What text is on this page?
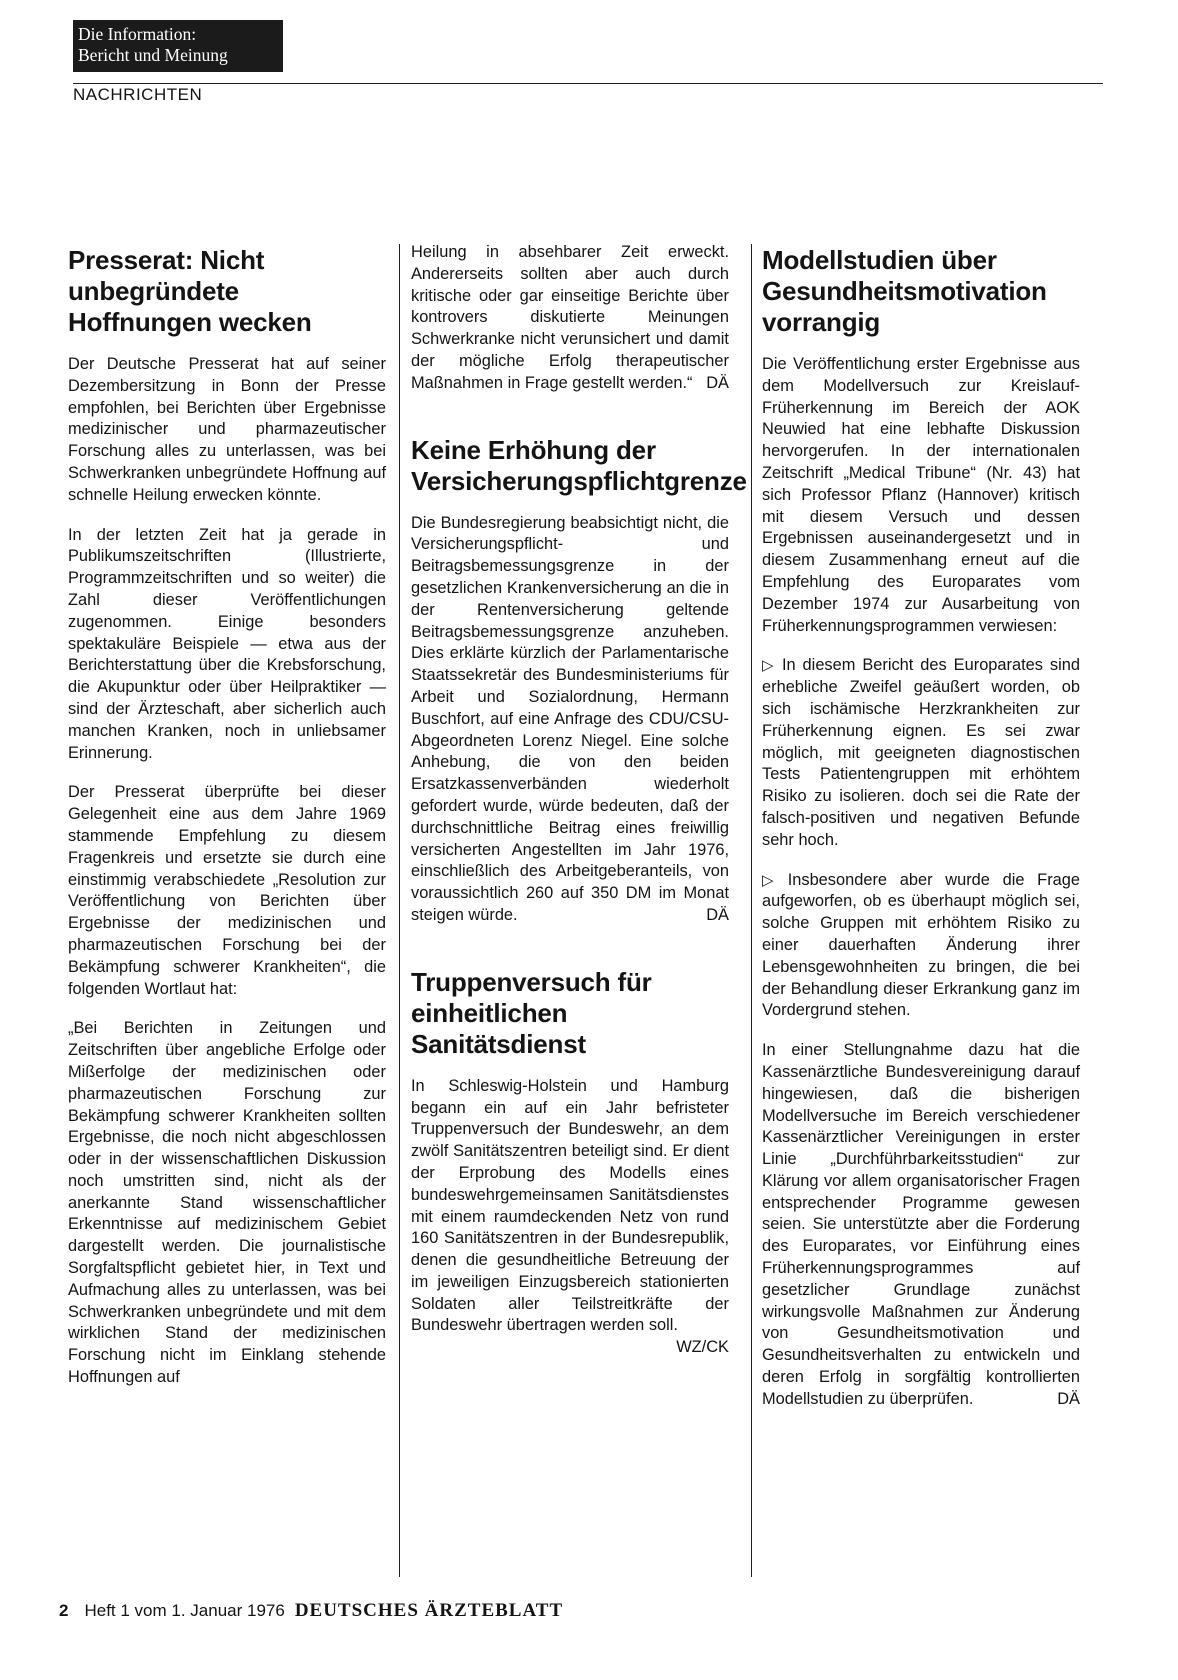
Die Information:
Bericht und Meinung
NACHRICHTEN
Presserat: Nicht unbegründete Hoffnungen wecken

Der Deutsche Presserat hat auf seiner Dezembersitzung in Bonn der Presse empfohlen, bei Berichten über Ergebnisse medizinischer und pharmazeutischer Forschung alles zu unterlassen, was bei Schwerkranken unbegründete Hoffnung auf schnelle Heilung erwecken könnte.

In der letzten Zeit hat ja gerade in Publikumszeitschriften (Illustrierte, Programmzeitschriften und so weiter) die Zahl dieser Veröffentlichungen zugenommen. Einige besonders spektakuläre Beispiele — etwa aus der Berichterstattung über die Krebsforschung, die Akupunktur oder über Heilpraktiker — sind der Ärzteschaft, aber sicherlich auch manchen Kranken, noch in unliebsamer Erinnerung.

Der Presserat überprüfte bei dieser Gelegenheit eine aus dem Jahre 1969 stammende Empfehlung zu diesem Fragenkreis und ersetzte sie durch eine einstimmig verabschiedete „Resolution zur Veröffentlichung von Berichten über Ergebnisse der medizinischen und pharmazeutischen Forschung bei der Bekämpfung schwerer Krankheiten“, die folgenden Wortlaut hat:

„Bei Berichten in Zeitungen und Zeitschriften über angebliche Erfolge oder Mißerfolge der medizinischen oder pharmazeutischen Forschung zur Bekämpfung schwerer Krankheiten sollten Ergebnisse, die noch nicht abgeschlossen oder in der wissenschaftlichen Diskussion noch umstritten sind, nicht als der anerkannte Stand wissenschaftlicher Erkenntnisse auf medizinischem Gebiet dargestellt werden. Die journalistische Sorgfaltspflicht gebietet hier, in Text und Aufmachung alles zu unterlassen, was bei Schwerkranken unbegründete und mit dem wirklichen Stand der medizinischen Forschung nicht im Einklang stehende Hoffnungen auf

Heilung in absehbarer Zeit erweckt. Andererseits sollten aber auch durch kritische oder gar einseitige Berichte über kontrovers diskutierte Meinungen Schwerkranke nicht verunsichert und damit der mögliche Erfolg therapeutischer Maßnahmen in Frage gestellt werden.“ DÄ

Keine Erhöhung der Versicherungspflichtgrenze

Die Bundesregierung beabsichtigt nicht, die Versicherungspflicht- und Beitragsbemessungsgrenze in der gesetzlichen Krankenversicherung an die in der Rentenversicherung geltende Beitragsbemessungsgrenze anzuheben. Dies erklärte kürzlich der Parlamentarische Staatssekretär des Bundesministeriums für Arbeit und Sozialordnung, Hermann Buschfort, auf eine Anfrage des CDU/CSU-Abgeordneten Lorenz Niegel. Eine solche Anhebung, die von den beiden Ersatzkassenverbänden wiederholt gefordert wurde, würde bedeuten, daß der durchschnittliche Beitrag eines freiwillig versicherten Angestellten im Jahr 1976, einschließlich des Arbeitgeberanteils, von voraussichtlich 260 auf 350 DM im Monat steigen würde.	DÄ

Truppenversuch für einheitlichen Sanitätsdienst

In Schleswig-Holstein und Hamburg begann ein auf ein Jahr befristeter Truppenversuch der Bundeswehr, an dem zwölf Sanitätszentren beteiligt sind. Er dient der Erprobung des Modells eines bundeswehrgemeinsamen Sanitätsdienstes mit einem raumdeckenden Netz von rund 160 Sanitätszentren in der Bundesrepublik, denen die gesundheitliche Betreuung der im jeweiligen Einzugsbereich stationierten Soldaten aller Teilstreitkräfte der Bundeswehr übertragen werden soll.
WZ/CK

Modellstudien über Gesundheitsmotivation vorrangig

Die Veröffentlichung erster Ergebnisse aus dem Modellversuch zur Kreislauf-Früherkennung im Bereich der AOK Neuwied hat eine lebhafte Diskussion hervorgerufen. In der internationalen Zeitschrift „Medical Tribune“ (Nr. 43) hat sich Professor Pflanz (Hannover) kritisch mit diesem Versuch und dessen Ergebnissen auseinandergesetzt und in diesem Zusammenhang erneut auf die Empfehlung des Europarates vom Dezember 1974 zur Ausarbeitung von Früherkennungsprogrammen verwiesen:

▷ In diesem Bericht des Europarates sind erhebliche Zweifel geäußert worden, ob sich ischämische Herzkrankheiten zur Früherkennung eignen. Es sei zwar möglich, mit geeigneten diagnostischen Tests Patientengruppen mit erhöhtem Risiko zu isolieren. doch sei die Rate der falsch-positiven und negativen Befunde sehr hoch.

▷ Insbesondere aber wurde die Frage aufgeworfen, ob es überhaupt möglich sei, solche Gruppen mit erhöhtem Risiko zu einer dauerhaften Änderung ihrer Lebensgewohnheiten zu bringen, die bei der Behandlung dieser Erkrankung ganz im Vordergrund stehen.

In einer Stellungnahme dazu hat die Kassenärztliche Bundesvereinigung darauf hingewiesen, daß die bisherigen Modellversuche im Bereich verschiedener Kassenärztlicher Vereinigungen in erster Linie „Durchführbarkeitsstudien“ zur Klärung vor allem organisatorischer Fragen entsprechender Programme gewesen seien. Sie unterstützte aber die Forderung des Europarates, vor Einführung eines Früherkennungsprogrammes auf gesetzlicher Grundlage zunächst wirkungsvolle Maßnahmen zur Änderung von Gesundheitsmotivation und Gesundheitsverhalten zu entwickeln und deren Erfolg in sorgfältig kontrollierten Modellstudien zu überprüfen.	DÄ

2 Heft 1 vom 1. Januar 1976 DEUTSCHES ÄRZTEBLATT
